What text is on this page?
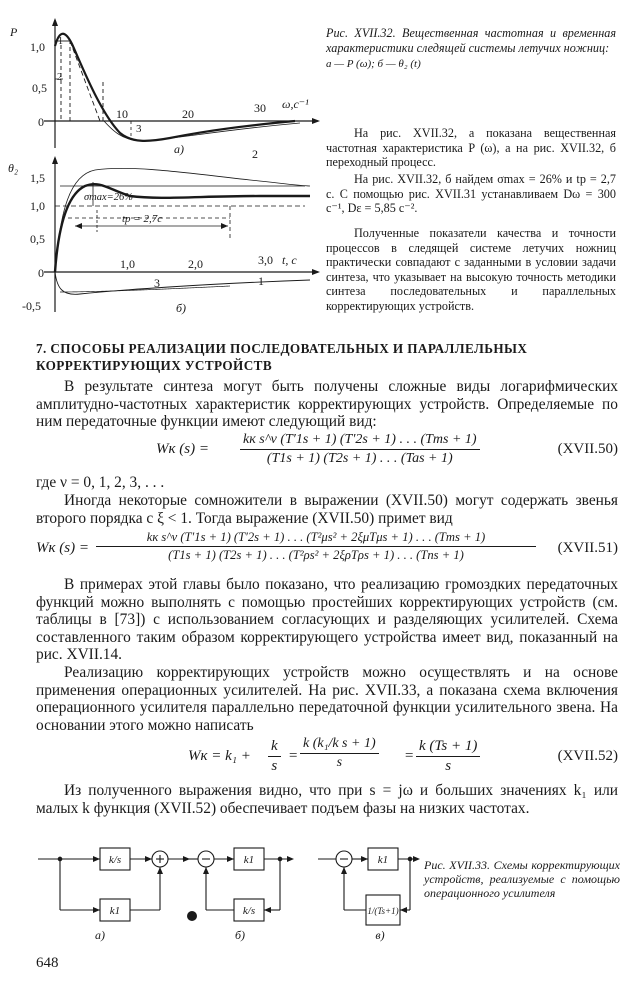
P
1,0
0,5
0
10	20	30 ω,c⁻¹
1
2
3
а)
θ₂
1,5
1,0
0,5
0
-0,5
1,0	2,0	3,0 t, c
2
3	1
σmax=26%
tp = 2,7c
б)
Рис. XVII.32. Вещественная частотная и временная характеристики следящей системы летучих ножниц:
а — P (ω); б — θ₂ (t)
На рис. XVII.32, а показана вещественная частотная характеристика P (ω), а на рис. XVII.32, б переходный процесс.
На рис. XVII.32, б найдем σmax = 26% и tp = 2,7 с. С помощью рис. XVII.31 устанавливаем Dω = 300 с⁻¹, Dε = 5,85 с⁻².
Полученные показатели качества и точности процессов в следящей системе летучих ножниц практически совпадают с заданными в условии задачи синтеза, что указывает на высокую точность методики синтеза последовательных и параллельных корректирующих устройств.
7. СПОСОБЫ РЕАЛИЗАЦИИ ПОСЛЕДОВАТЕЛЬНЫХ И ПАРАЛЛЕЛЬНЫХ КОРРЕКТИРУЮЩИХ УСТРОЙСТВ
В результате синтеза могут быть получены сложные виды логарифмических амплитудно-частотных характеристик корректирующих устройств. Определяемые по ним передаточные функции имеют следующий вид:
Wк (s) =
kк s^ν (T′1s + 1) (T′2s + 1) . . . (Tms + 1)
(T1s + 1) (T2s + 1) . . . (Tas + 1)
(XVII.50)
где ν = 0, 1, 2, 3, . . .
Иногда некоторые сомножители в выражении (XVII.50) могут содержать звенья второго порядка с ξ < 1. Тогда выражение (XVII.50) примет вид
Wк (s) =
kк s^ν (T′1s + 1) (T′2s + 1) . . . (T²μs² + 2ξμTμs + 1) . . . (Tms + 1)
(T1s + 1) (T2s + 1) . . . (T²ρs² + 2ξρTρs + 1) . . . (Tns + 1)	(XVII.51)
В примерах этой главы было показано, что реализацию громоздких передаточных функций можно выполнять с помощью простейших корректирующих устройств (см. таблицы в [73]) с использованием согласующих и разделяющих усилителей. Схема составленного таким образом корректирующего устройства имеет вид, показанный на рис. XVII.14.
Реализацию корректирующих устройств можно осуществлять и на основе применения операционных усилителей. На рис. XVII.33, а показана схема включения операционного усилителя параллельно передаточной функции усилительного звена. На основании этого можно написать
Wк = $k_1 + \frac{k}{s} = \frac{\text{k (k₁/k s + 1)}}{s} = \frac{k (Ts + 1)}{s}$	(XVII.52)
Из полученного выражения видно, что при s = jω и больших значениях k₁ или малых k функция (XVII.52) обеспечивает подъем фазы на низких частотах.
k/s
k1
а)
k1
k/s
б)
k1
1/(Ts+1)
в)
Рис. XVII.33. Схемы корректирующих устройств, реализуемые с помощью операционного усилителя
648
